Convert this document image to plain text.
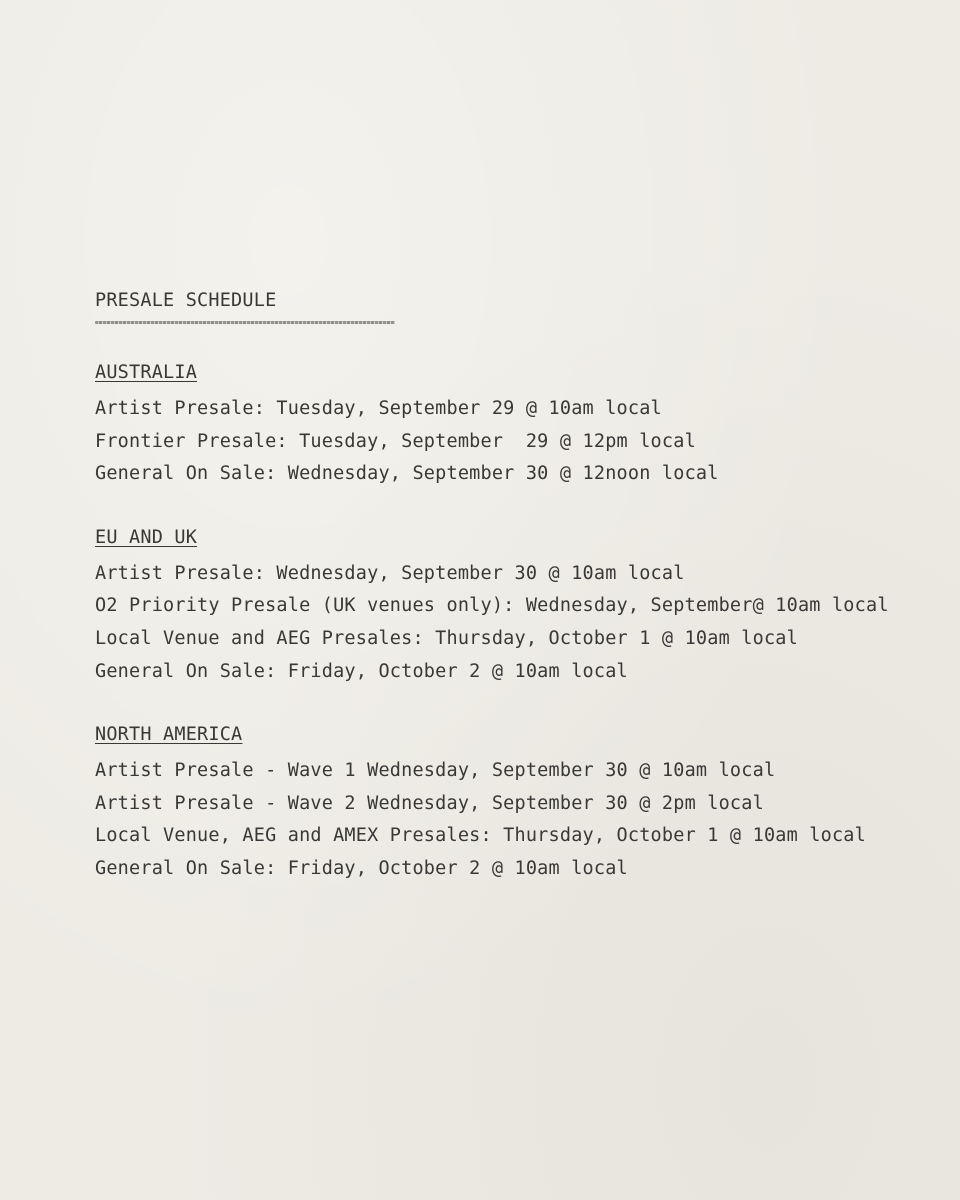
PRESALE SCHEDULE
AUSTRALIA
Artist Presale: Tuesday, September 29 @ 10am local
Frontier Presale: Tuesday, September  29 @ 12pm local
General On Sale: Wednesday, September 30 @ 12noon local
EU AND UK
Artist Presale: Wednesday, September 30 @ 10am local
O2 Priority Presale (UK venues only): Wednesday, September@ 10am local
Local Venue and AEG Presales: Thursday, October 1 @ 10am local
General On Sale: Friday, October 2 @ 10am local
NORTH AMERICA
Artist Presale - Wave 1 Wednesday, September 30 @ 10am local
Artist Presale - Wave 2 Wednesday, September 30 @ 2pm local
Local Venue, AEG and AMEX Presales: Thursday, October 1 @ 10am local
General On Sale: Friday, October 2 @ 10am local
